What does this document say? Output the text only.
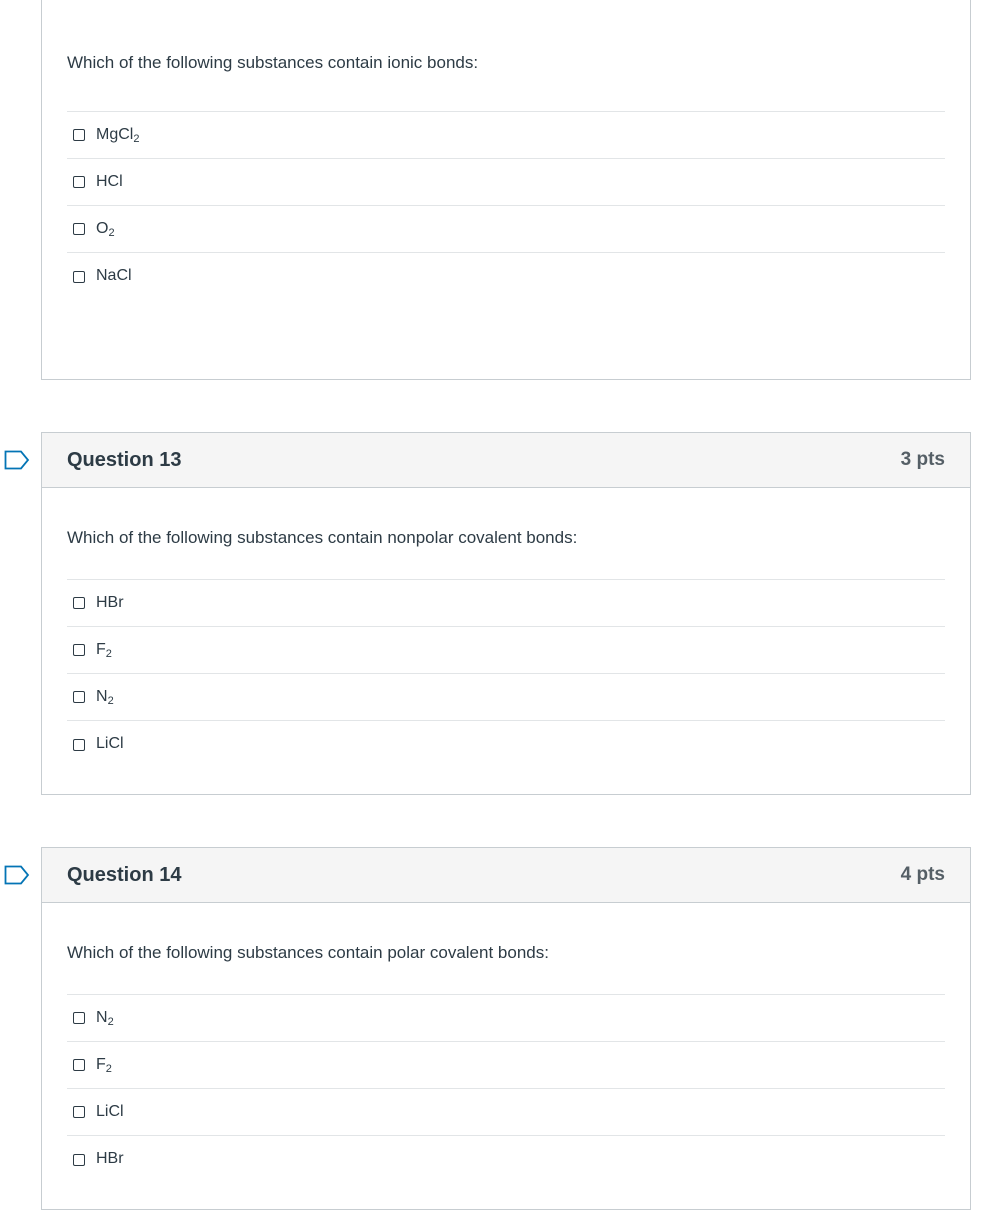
Which of the following substances contain ionic bonds:
MgCl$_2$
HCl
$O_2$
NaCl
Question 13	3 pts
Which of the following substances contain nonpolar covalent bonds:
HBr
$F_2$
$N_2$
LiCl
Question 14	4 pts
Which of the following substances contain polar covalent bonds:
$N_2$
$F_2$
LiCl
HBr
